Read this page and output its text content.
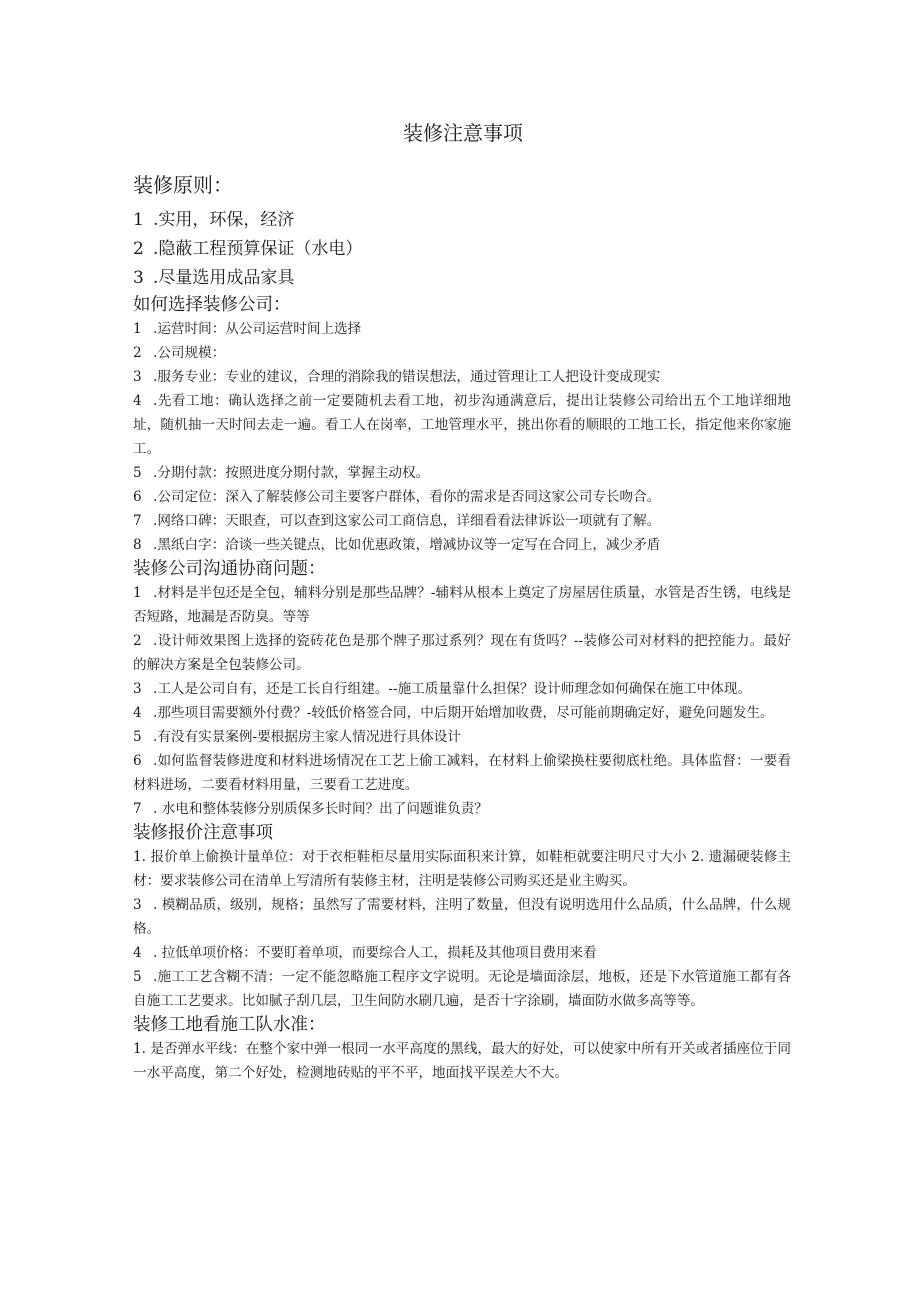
装修注意事项
装修原则：

1 .实用，环保，经济

2 .隐蔽工程预算保证（水电）

3 .尽量选用成品家具

如何选择装修公司：

1 .运营时间：从公司运营时间上选择

2 .公司规模：

3 .服务专业：专业的建议，合理的消除我的错误想法，通过管理让工人把设计变成现实

4 .先看工地：确认选择之前一定要随机去看工地，初步沟通满意后，提出让装修公司给出五个工地详细地址，随机抽一天时间去走一遍。看工人在岗率，工地管理水平，挑出你看的顺眼的工地工长，指定他来你家施工。

5 .分期付款：按照进度分期付款，掌握主动权。

6 .公司定位：深入了解装修公司主要客户群体，看你的需求是否同这家公司专长吻合。

7 .网络口碑：天眼查，可以查到这家公司工商信息，详细看看法律诉讼一项就有了解。

8 .黑纸白字：洽谈一些关键点，比如优惠政策，增减协议等一定写在合同上，减少矛盾

装修公司沟通协商问题：

1 .材料是半包还是全包，辅料分别是那些品牌？-辅料从根本上奠定了房屋居住质量，水管是否生锈，电线是否短路，地漏是否防臭。等等

2 .设计师效果图上选择的瓷砖花色是那个牌子那过系列？现在有货吗？--装修公司对材料的把控能力。最好的解决方案是全包装修公司。

3 .工人是公司自有，还是工长自行组建。--施工质量靠什么担保？设计师理念如何确保在施工中体现。

4 .那些项目需要额外付费？-较低价格签合同，中后期开始增加收费，尽可能前期确定好，避免问题发生。

5 .有没有实景案例-要根据房主家人情况进行具体设计

6 .如何监督装修进度和材料进场情况在工艺上偷工减料，在材料上偷梁换柱要彻底杜绝。具体监督：一要看材料进场，二要看材料用量，三要看工艺进度。

7 . 水电和整体装修分别质保多长时间？出了问题谁负责？

装修报价注意事项

1. 报价单上偷换计量单位：对于衣柜鞋柜尽量用实际面积来计算，如鞋柜就要注明尺寸大小 2. 遗漏硬装修主材：要求装修公司在清单上写清所有装修主材，注明是装修公司购买还是业主购买。

3 . 模糊品质，级别，规格；虽然写了需要材料，注明了数量，但没有说明选用什么品质，什么品牌，什么规格。

4 . 拉低单项价格：不要盯着单项，而要综合人工，损耗及其他项目费用来看

5 .施工工艺含糊不清：一定不能忽略施工程序文字说明。无论是墙面涂层，地板，还是下水管道施工都有各自施工工艺要求。比如腻子刮几层，卫生间防水刷几遍，是否十字涂刷，墙面防水做多高等等。

装修工地看施工队水准：

1. 是否弹水平线：在整个家中弹一根同一水平高度的黑线，最大的好处，可以使家中所有开关或者插座位于同一水平高度，第二个好处，检测地砖贴的平不平，地面找平误差大不大。
